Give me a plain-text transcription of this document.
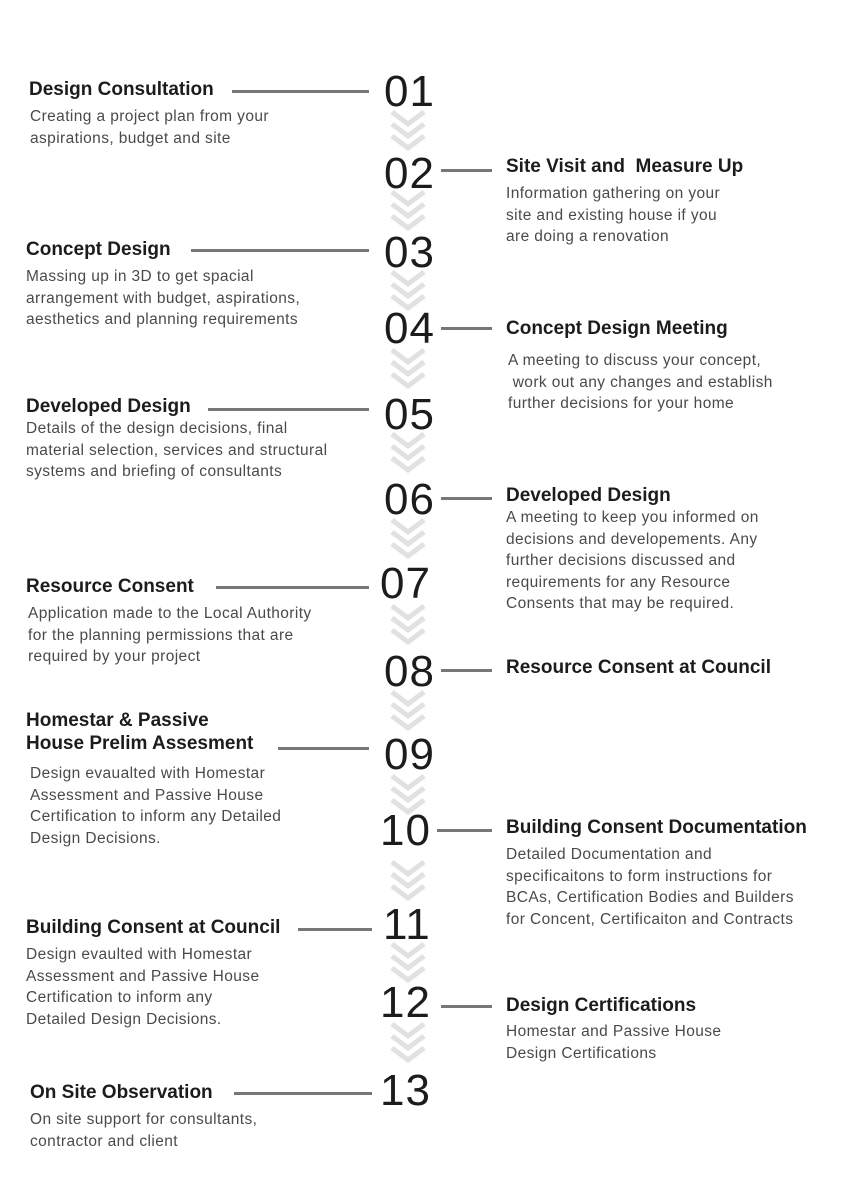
01
Design Consultation
Creating a project plan from your
aspirations, budget and site
02	Site Visit and  Measure Up
Information gathering on your
site and existing house if you
are doing a renovation
03
Concept Design
Massing up in 3D to get spacial
arrangement with budget, aspirations,
aesthetics and planning requirements 04	Concept Design Meeting
A meeting to discuss your concept,
work out any changes and establish
further decisions for your home
05
Developed Design
Details of the design decisions, final
material selection, services and structural
systems and briefing of consultants
06	Developed Design
A meeting to keep you informed on
decisions and developements. Any
further decisions discussed and
requirements for any Resource
Consents that may be required.
07
Resource Consent
Application made to the Local Authority
for the planning permissions that are
required by your project	08	Resource Consent at Council
09
Homestar & Passive
House Prelim Assesment
Design evaualted with Homestar
Assessment and Passive House
Certification to inform any Detailed
Design Decisions.	10	Building Consent Documentation
Detailed Documentation and
specificaitons to form instructions for
BCAs, Certification Bodies and Builders
for Concent, Certificaiton and Contracts
11
Building Consent at Council
Design evaulted with Homestar
Assessment and Passive House
Certification to inform any
Detailed Design Decisions.	12	Design Certifications
Homestar and Passive House
Design Certifications
13
On Site Observation
On site support for consultants,
contractor and client
